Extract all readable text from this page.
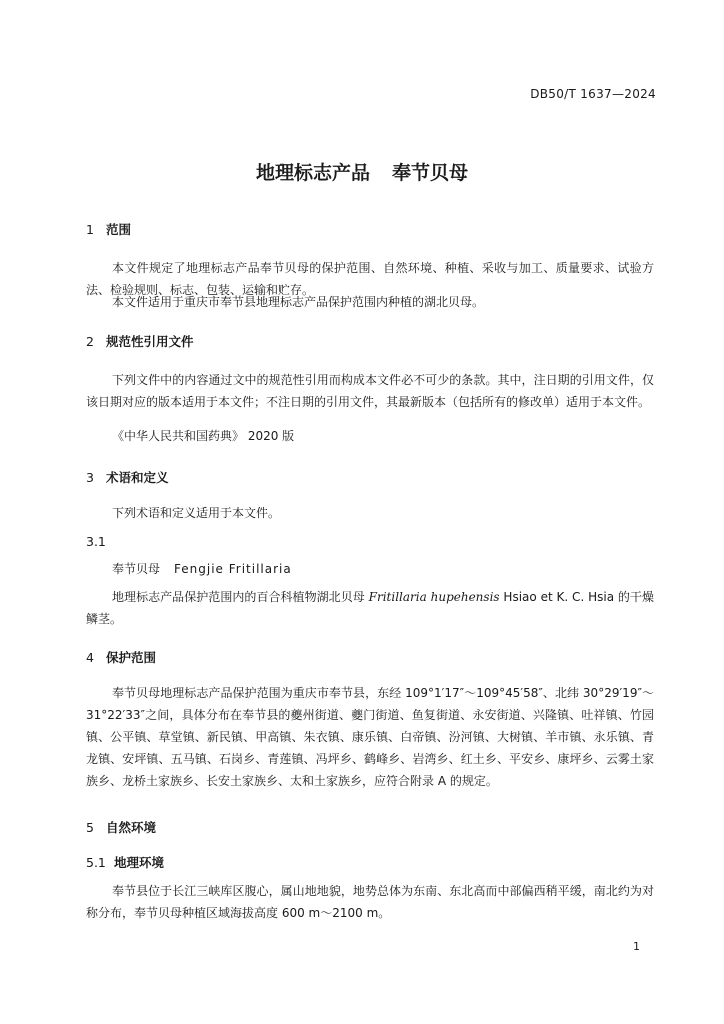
DB50/T 1637—2024
地理标志产品 奉节贝母
1 范围
本文件规定了地理标志产品奉节贝母的保护范围、自然环境、种植、采收与加工、质量要求、试验方法、检验规则、标志、包装、运输和贮存。
本文件适用于重庆市奉节县地理标志产品保护范围内种植的湖北贝母。
2 规范性引用文件
下列文件中的内容通过文中的规范性引用而构成本文件必不可少的条款。其中，注日期的引用文件，仅该日期对应的版本适用于本文件；不注日期的引用文件，其最新版本（包括所有的修改单）适用于本文件。
《中华人民共和国药典》 2020 版
3 术语和定义
下列术语和定义适用于本文件。
3.1
奉节贝母 Fengjie Fritillaria
地理标志产品保护范围内的百合科植物湖北贝母 Fritillaria hupehensis Hsiao et K. C. Hsia 的干燥鳞茎。
4 保护范围
奉节贝母地理标志产品保护范围为重庆市奉节县，东经 109°1′17″～109°45′58″、北纬 30°29′19″～31°22′33″之间，具体分布在奉节县的夔州街道、夔门街道、鱼复街道、永安街道、兴隆镇、吐祥镇、竹园镇、公平镇、草堂镇、新民镇、甲高镇、朱衣镇、康乐镇、白帝镇、汾河镇、大树镇、羊市镇、永乐镇、青龙镇、安坪镇、五马镇、石岗乡、青莲镇、冯坪乡、鹤峰乡、岩湾乡、红土乡、平安乡、康坪乡、云雾土家族乡、龙桥土家族乡、长安土家族乡、太和土家族乡，应符合附录 A 的规定。
5 自然环境
5.1 地理环境
奉节县位于长江三峡库区腹心，属山地地貌，地势总体为东南、东北高而中部偏西稍平缓，南北约为对称分布，奉节贝母种植区域海拔高度 600 m～2100 m。
1
